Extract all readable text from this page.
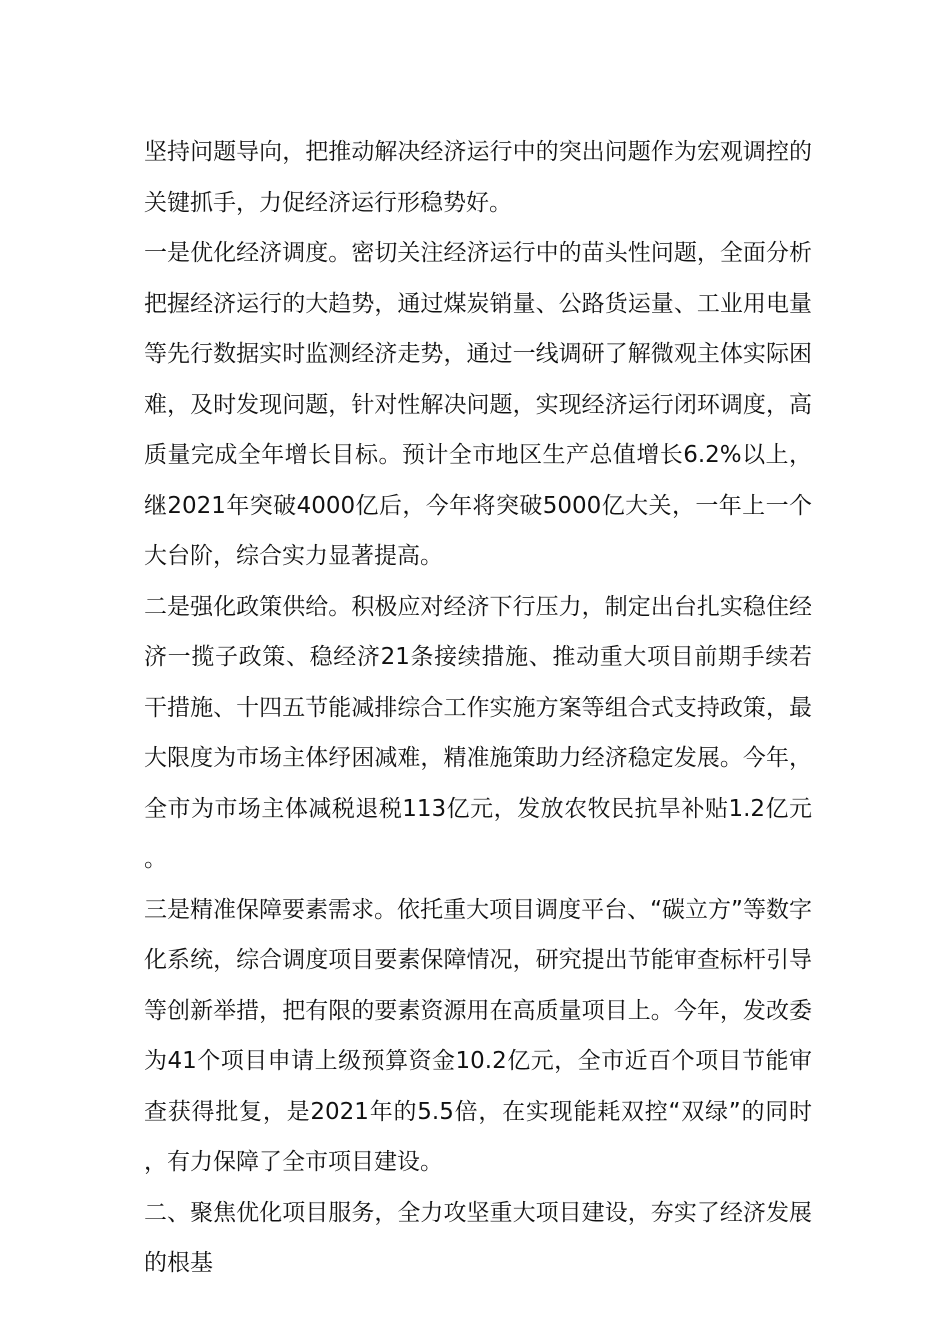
坚持问题导向，把推动解决经济运行中的突出问题作为宏观调控的关键抓手，力促经济运行形稳势好。

一是优化经济调度。密切关注经济运行中的苗头性问题，全面分析把握经济运行的大趋势，通过煤炭销量、公路货运量、工业用电量等先行数据实时监测经济走势，通过一线调研了解微观主体实际困难，及时发现问题，针对性解决问题，实现经济运行闭环调度，高质量完成全年增长目标。预计全市地区生产总值增长6.2%以上，继2021年突破4000亿后，今年将突破5000亿大关，一年上一个大台阶，综合实力显著提高。

二是强化政策供给。积极应对经济下行压力，制定出台扎实稳住经济一揽子政策、稳经济21条接续措施、推动重大项目前期手续若干措施、十四五节能减排综合工作实施方案等组合式支持政策，最大限度为市场主体纾困减难，精准施策助力经济稳定发展。今年，全市为市场主体减税退税113亿元，发放农牧民抗旱补贴1.2亿元。

三是精准保障要素需求。依托重大项目调度平台、“碳立方”等数字化系统，综合调度项目要素保障情况，研究提出节能审查标杆引导等创新举措，把有限的要素资源用在高质量项目上。今年，发改委为41个项目申请上级预算资金10.2亿元，全市近百个项目节能审查获得批复，是2021年的5.5倍，在实现能耗双控“双绿”的同时，有力保障了全市项目建设。

二、聚焦优化项目服务，全力攻坚重大项目建设，夯实了经济发展的根基
